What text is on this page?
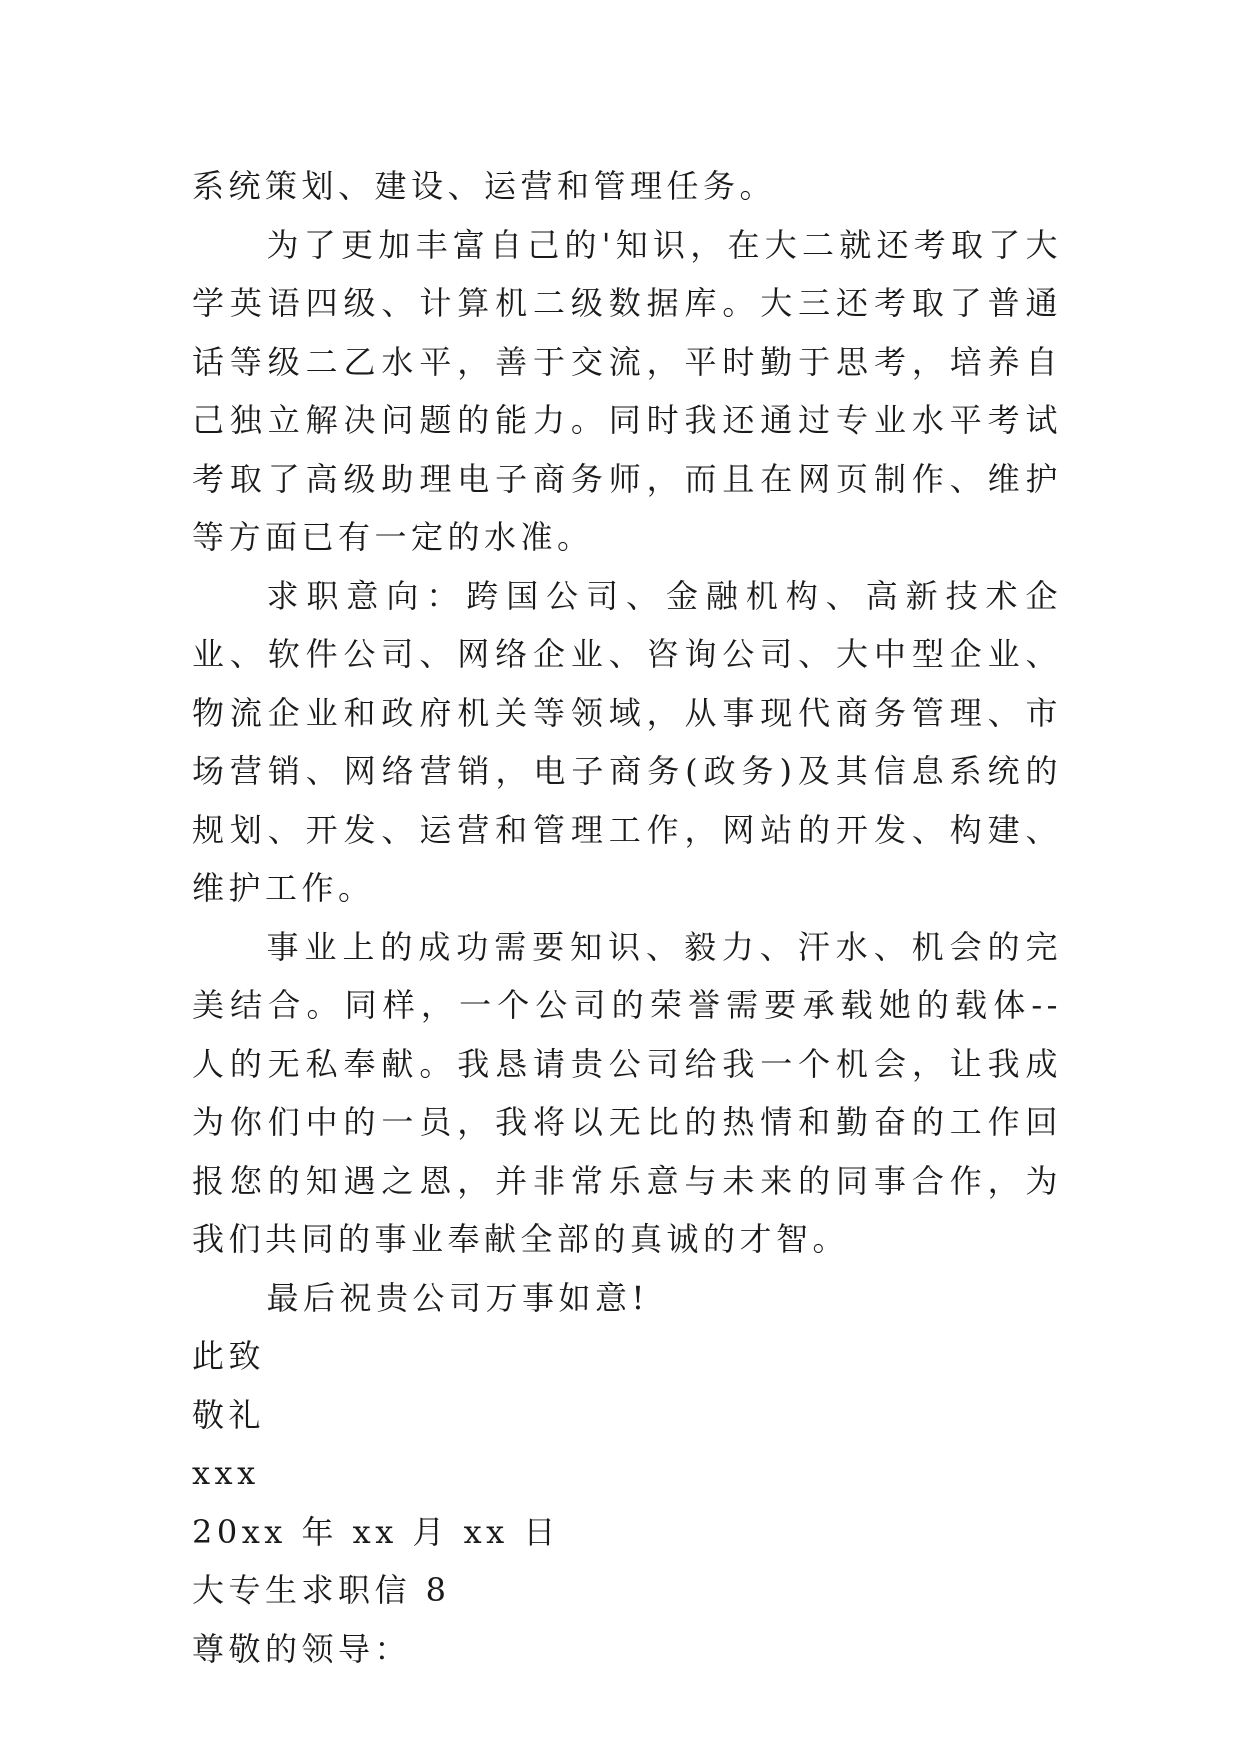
系统策划、建设、运营和管理任务。

为了更加丰富自己的'知识，在大二就还考取了大学英语四级、计算机二级数据库。大三还考取了普通话等级二乙水平，善于交流，平时勤于思考，培养自己独立解决问题的能力。同时我还通过专业水平考试考取了高级助理电子商务师，而且在网页制作、维护等方面已有一定的水准。

求职意向：跨国公司、金融机构、高新技术企业、软件公司、网络企业、咨询公司、大中型企业、物流企业和政府机关等领域，从事现代商务管理、市场营销、网络营销，电子商务(政务)及其信息系统的规划、开发、运营和管理工作，网站的开发、构建、维护工作。

事业上的成功需要知识、毅力、汗水、机会的完美结合。同样，一个公司的荣誉需要承载她的载体--人的无私奉献。我恳请贵公司给我一个机会，让我成为你们中的一员，我将以无比的热情和勤奋的工作回报您的知遇之恩，并非常乐意与未来的同事合作，为我们共同的事业奉献全部的真诚的才智。

最后祝贵公司万事如意!

此致

敬礼

xxx

20xx 年 xx 月 xx 日

大专生求职信 8

尊敬的领导：
